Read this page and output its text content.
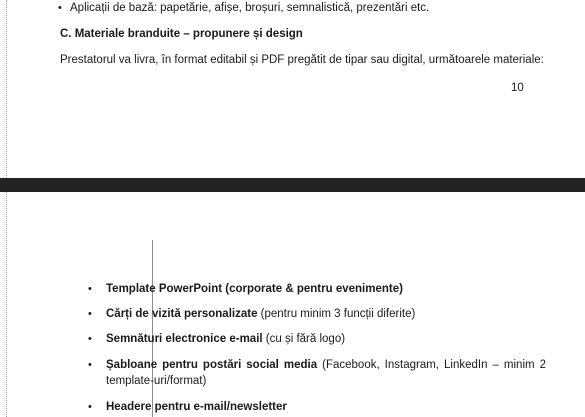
• Aplicații de bază: papetărie, afișe, broșuri, semnalistică, prezentări etc.
C. Materiale branduite – propunere și design
Prestatorul va livra, în format editabil și PDF pregătit de tipar sau digital, următoarele materiale:
10
• Template PowerPoint (corporate & pentru evenimente)
• Cărți de vizită personalizate (pentru minim 3 funcții diferite)
• Semnături electronice e-mail (cu și fără logo)
• Șabloane pentru postări social media (Facebook, Instagram, LinkedIn – minim 2 template-uri/format)
• Headere pentru e-mail/newsletter
